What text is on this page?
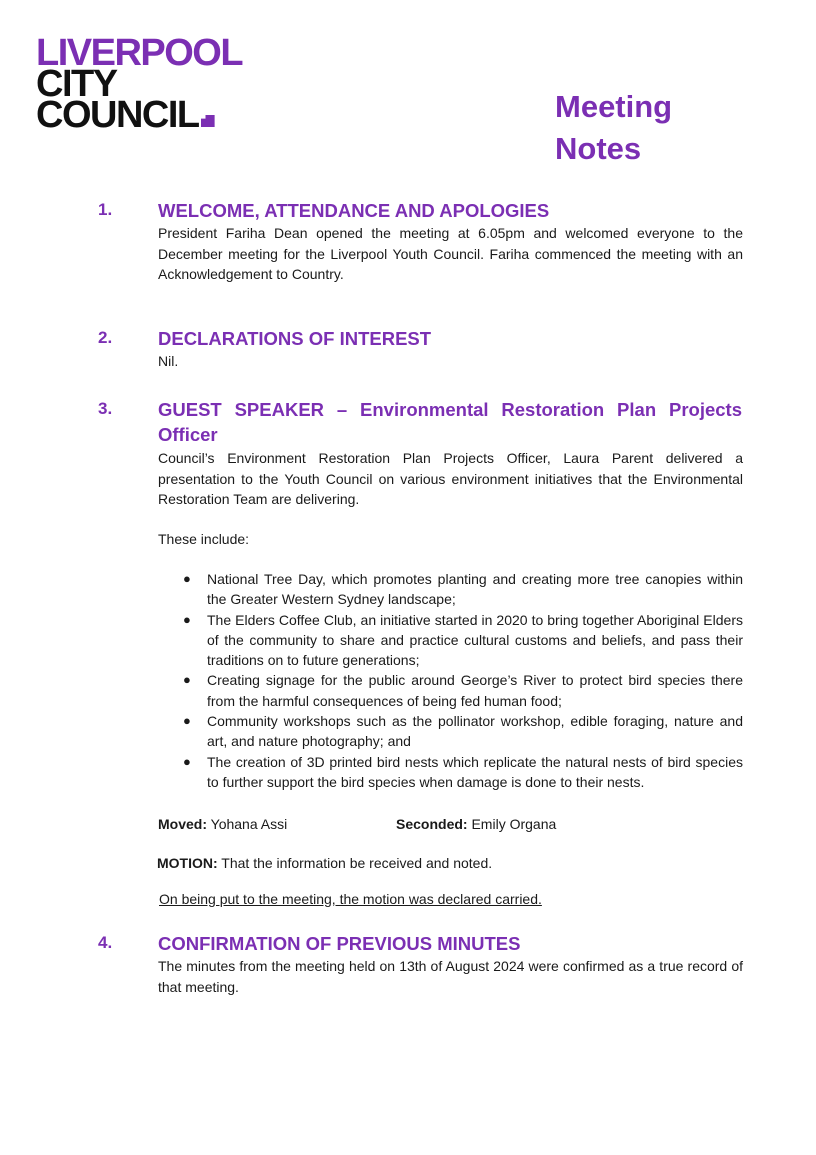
LIVERPOOL
CITY
COUNCIL	Meeting
Notes
1. WELCOME, ATTENDANCE AND APOLOGIES

President Fariha Dean opened the meeting at 6.05pm and welcomed everyone to the December meeting for the Liverpool Youth Council. Fariha commenced the meeting with an Acknowledgement to Country.

2. DECLARATIONS OF INTEREST

Nil.

3. GUEST SPEAKER – Environmental Restoration Plan Projects Officer

Council’s Environment Restoration Plan Projects Officer, Laura Parent delivered a presentation to the Youth Council on various environment initiatives that the Environmental Restoration Team are delivering.

These include:

● National Tree Day, which promotes planting and creating more tree canopies within the Greater Western Sydney landscape;
● The Elders Coffee Club, an initiative started in 2020 to bring together Aboriginal Elders of the community to share and practice cultural customs and beliefs, and pass their traditions on to future generations;
● Creating signage for the public around George’s River to protect bird species there from the harmful consequences of being fed human food;
● Community workshops such as the pollinator workshop, edible foraging, nature and art, and nature photography; and
● The creation of 3D printed bird nests which replicate the natural nests of bird species to further support the bird species when damage is done to their nests.
Moved: Yohana Assi	Seconded: Emily Organa
MOTION: That the information be received and noted.
On being put to the meeting, the motion was declared carried.
4. CONFIRMATION OF PREVIOUS MINUTES

The minutes from the meeting held on 13th of August 2024 were confirmed as a true record of that meeting.
